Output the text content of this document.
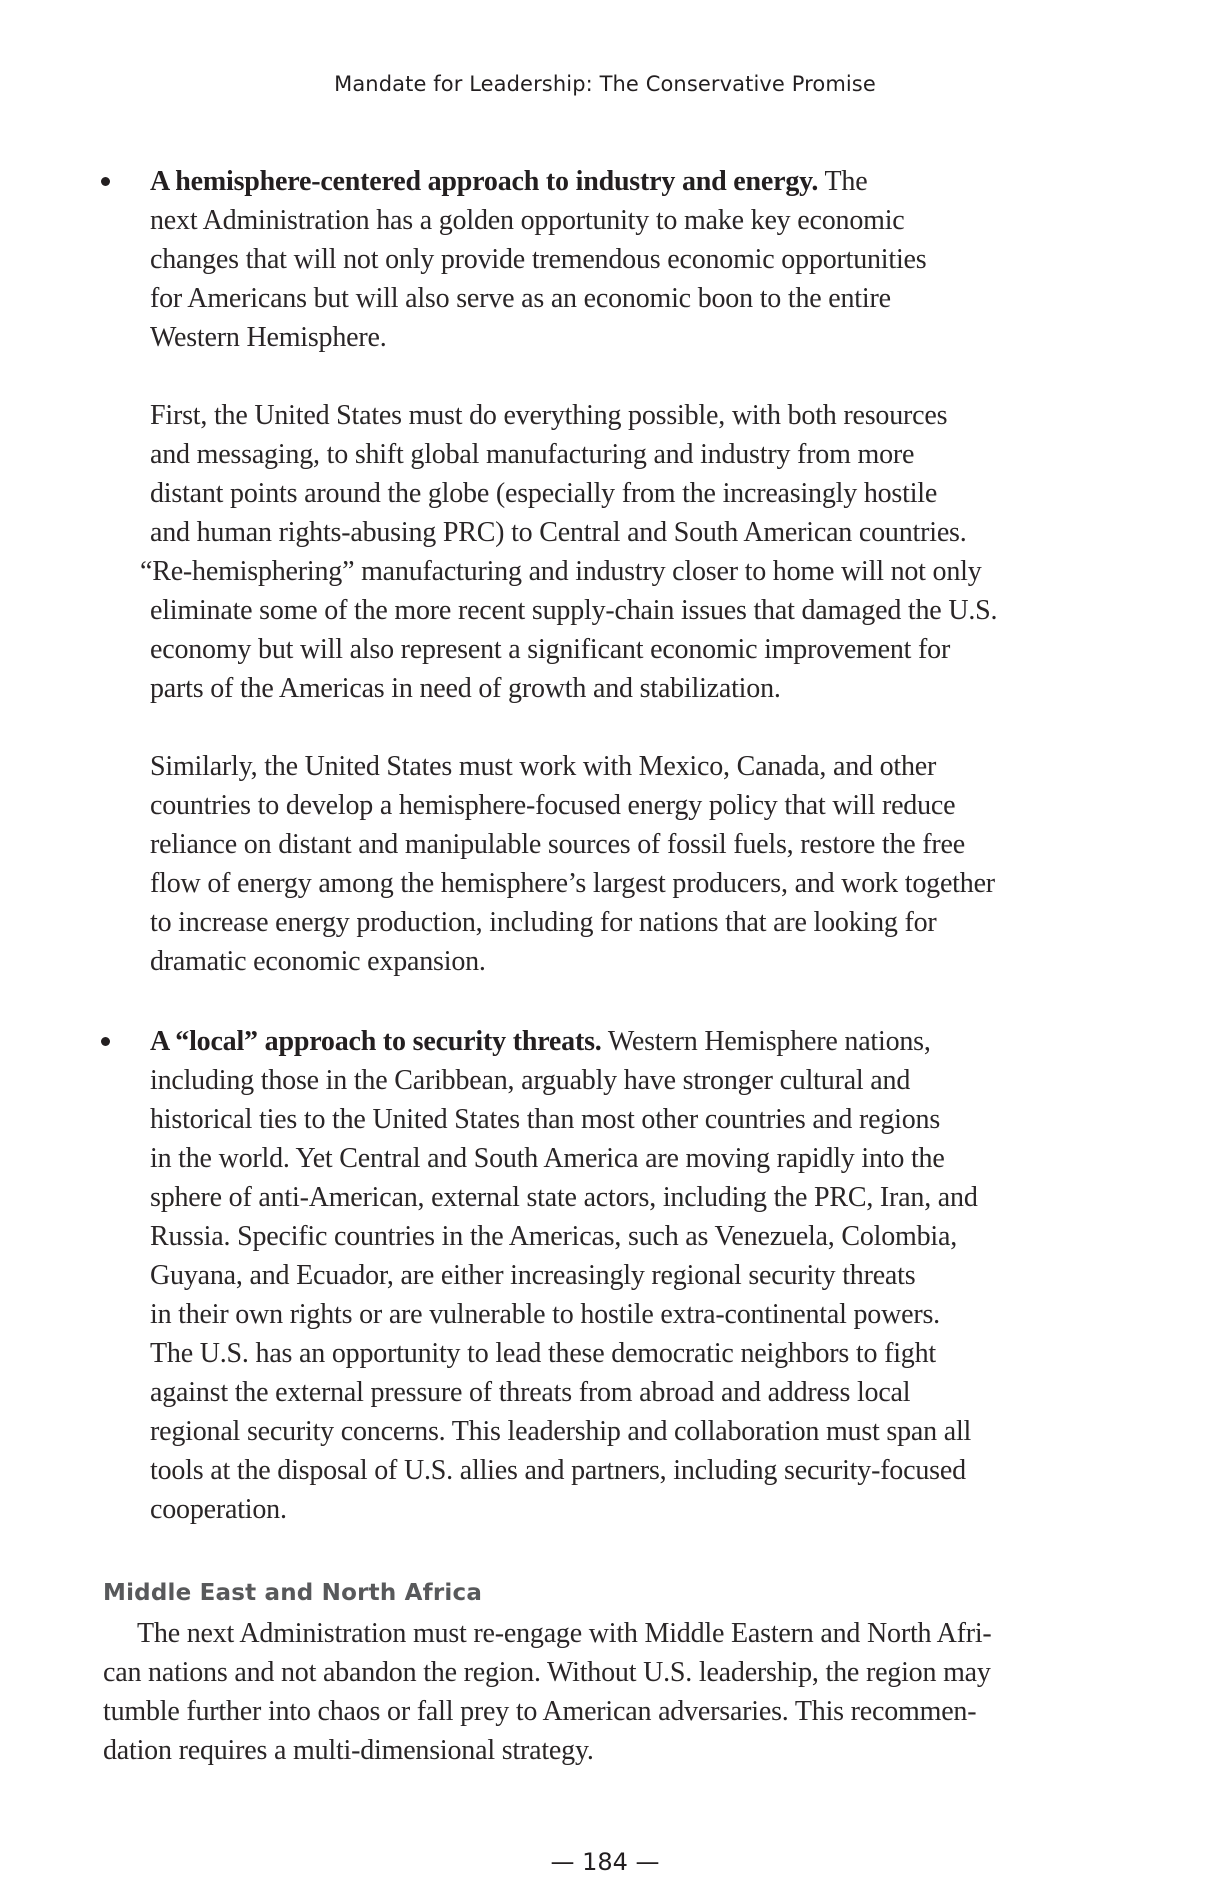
Mandate for Leadership: The Conservative Promise
A hemisphere-centered approach to industry and energy. The
next Administration has a golden opportunity to make key economic
changes that will not only provide tremendous economic opportunities
for Americans but will also serve as an economic boon to the entire
Western Hemisphere.
First, the United States must do everything possible, with both resources
and messaging, to shift global manufacturing and industry from more
distant points around the globe (especially from the increasingly hostile
and human rights-abusing PRC) to Central and South American countries.
“Re-hemisphering” manufacturing and industry closer to home will not only
eliminate some of the more recent supply-chain issues that damaged the U.S.
economy but will also represent a significant economic improvement for
parts of the Americas in need of growth and stabilization.
Similarly, the United States must work with Mexico, Canada, and other
countries to develop a hemisphere-focused energy policy that will reduce
reliance on distant and manipulable sources of fossil fuels, restore the free
flow of energy among the hemisphere’s largest producers, and work together
to increase energy production, including for nations that are looking for
dramatic economic expansion.
A “local” approach to security threats. Western Hemisphere nations,
including those in the Caribbean, arguably have stronger cultural and
historical ties to the United States than most other countries and regions
in the world. Yet Central and South America are moving rapidly into the
sphere of anti-American, external state actors, including the PRC, Iran, and
Russia. Specific countries in the Americas, such as Venezuela, Colombia,
Guyana, and Ecuador, are either increasingly regional security threats
in their own rights or are vulnerable to hostile extra-continental powers.
The U.S. has an opportunity to lead these democratic neighbors to fight
against the external pressure of threats from abroad and address local
regional security concerns. This leadership and collaboration must span all
tools at the disposal of U.S. allies and partners, including security-focused
cooperation.
Middle East and North Africa
The next Administration must re-engage with Middle Eastern and North Afri-
can nations and not abandon the region. Without U.S. leadership, the region may
tumble further into chaos or fall prey to American adversaries. This recommen-
dation requires a multi-dimensional strategy.
— 184 —
